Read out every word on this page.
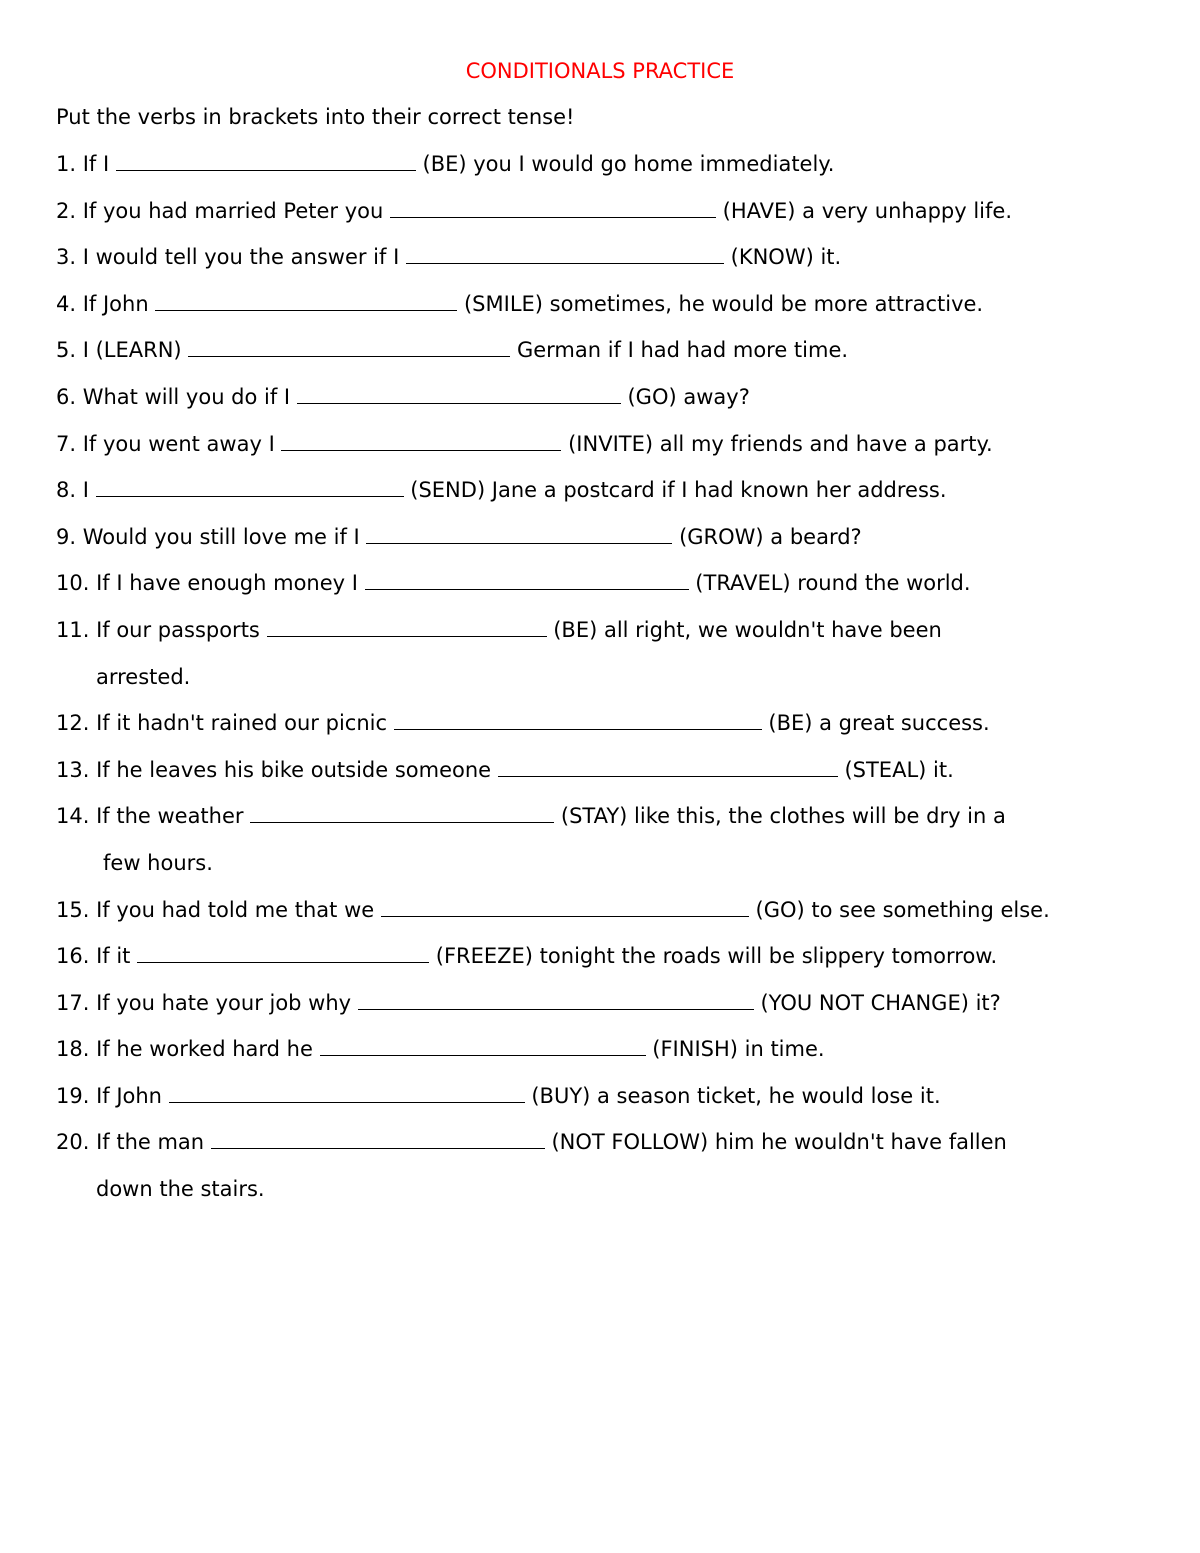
CONDITIONALS PRACTICE
Put the verbs in brackets into their correct tense!
1. If I	(BE) you I would go home immediately.
2. If you had married Peter you	(HAVE) a very unhappy life.
3. I would tell you the answer if I	(KNOW) it.
4. If John	(SMILE) sometimes, he would be more attractive.
5. I (LEARN)	German if I had had more time.
6. What will you do if I	(GO) away?
7. If you went away I	(INVITE) all my friends and have a party.
8. I	(SEND) Jane a postcard if I had known her address.
9. Would you still love me if I	(GROW) a beard?
10. If I have enough money I	(TRAVEL) round the world.
11. If our passports	(BE) all right, we wouldn't have been
arrested.
12. If it hadn't rained our picnic	(BE) a great success.
13. If he leaves his bike outside someone	(STEAL) it.
14. If the weather	(STAY) like this, the clothes will be dry in a
few hours.
15. If you had told me that we	(GO) to see something else.
16. If it	(FREEZE) tonight the roads will be slippery tomorrow.
17. If you hate your job why	(YOU NOT CHANGE) it?
18. If he worked hard he	(FINISH) in time.
19. If John	(BUY) a season ticket, he would lose it.
20. If the man	(NOT FOLLOW) him he wouldn't have fallen
down the stairs.
